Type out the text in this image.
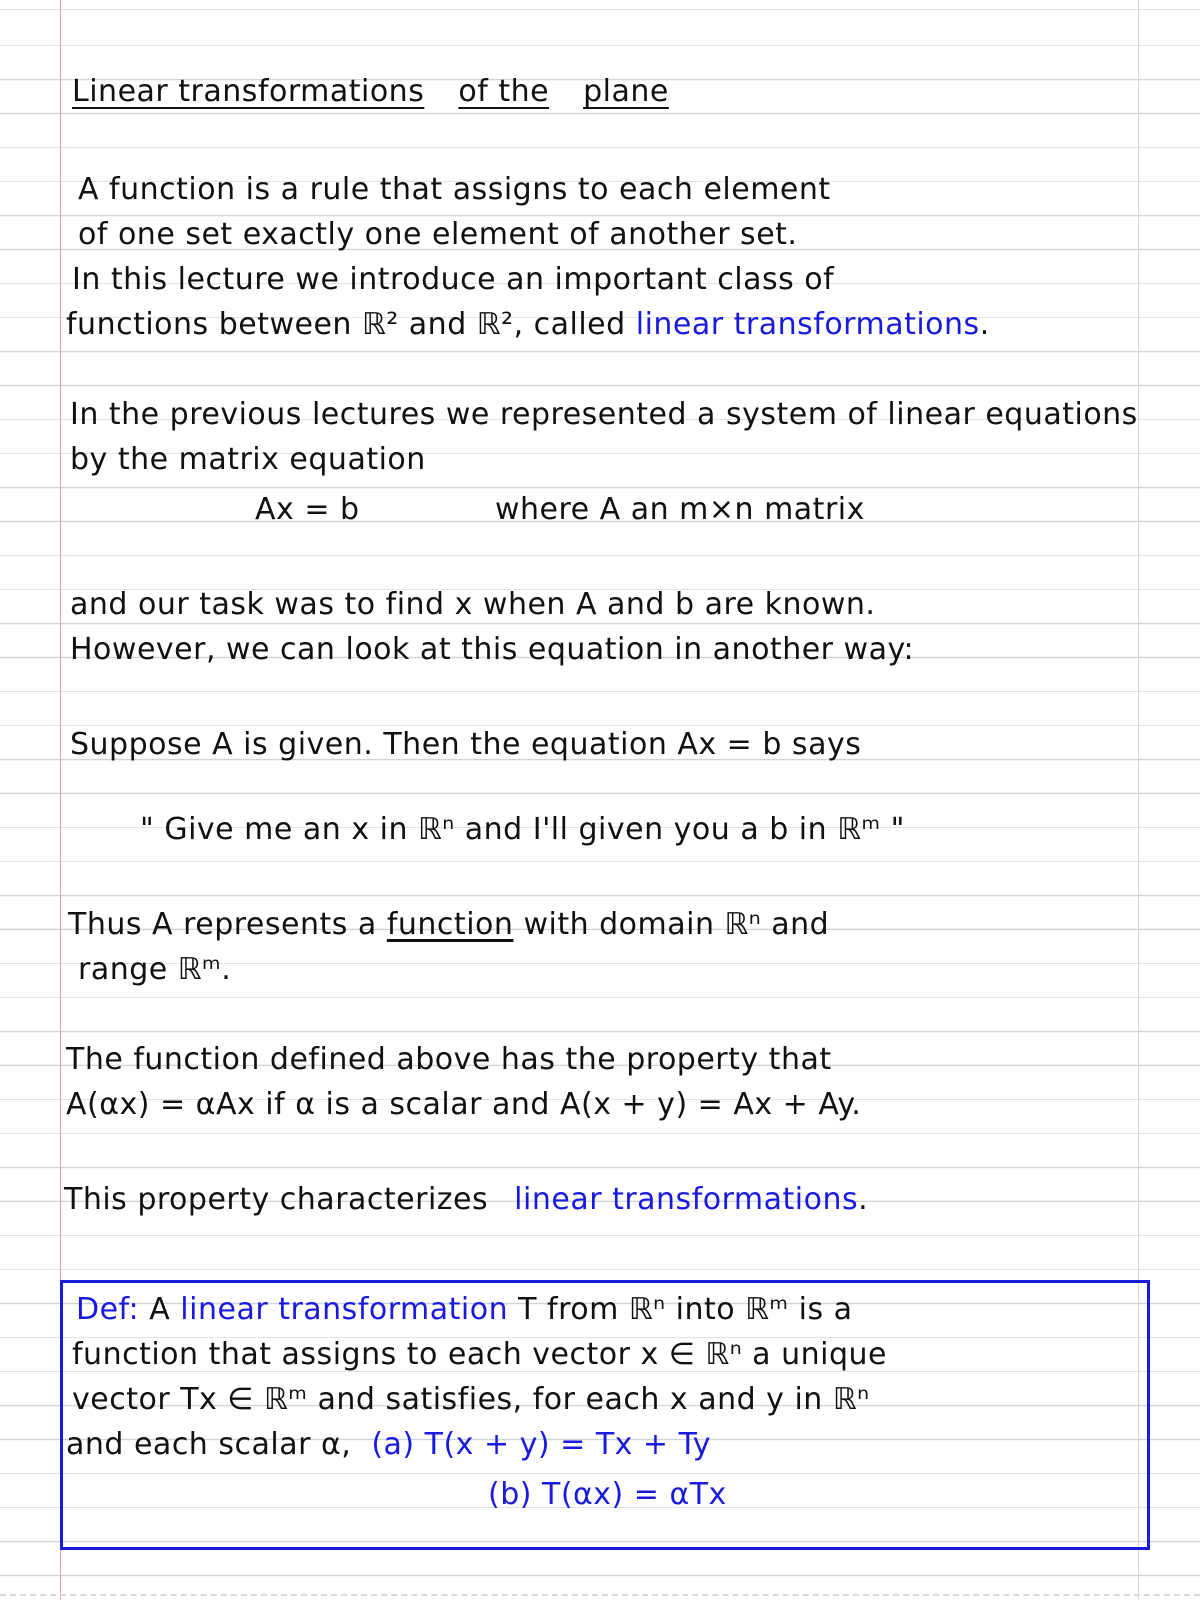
Linear transformations of the plane
A function is a rule that assigns to each element
of one set exactly one element of another set.
In this lecture we introduce an important class of
functions between ℝ² and ℝ², called linear transformations.
In the previous lectures we represented a system of linear equations
by the matrix equation
Ax = b	where A an m×n matrix
and our task was to find x when A and b are known.
However, we can look at this equation in another way:
Suppose A is given. Then the equation Ax = b says
" Give me an x in ℝⁿ and I'll given you a b in ℝᵐ "
Thus A represents a function with domain ℝⁿ and
range ℝᵐ.
The function defined above has the property that
A(αx) = αAx if α is a scalar and A(x + y) = Ax + Ay.
This property characterizes linear transformations.
Def: A linear transformation T from ℝⁿ into ℝᵐ is a
function that assigns to each vector x ∈ ℝⁿ a unique
vector Tx ∈ ℝᵐ and satisfies, for each x and y in ℝⁿ
and each scalar α, (a) T(x + y) = Tx + Ty
(b) T(αx) = αTx
